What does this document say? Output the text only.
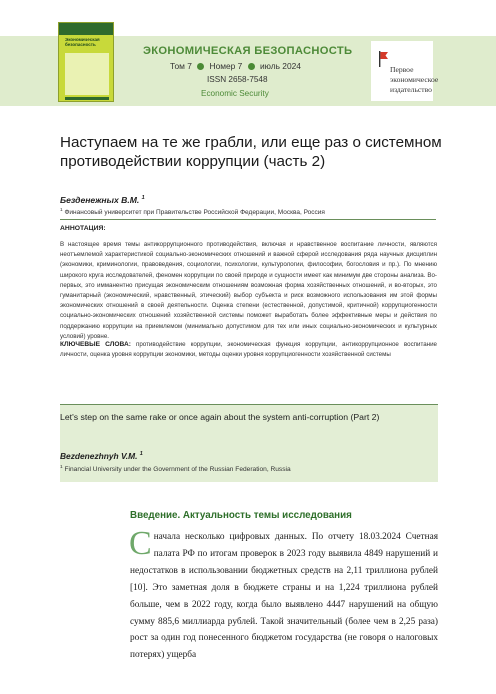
Экономическая безопасность
ЭКОНОМИЧЕСКАЯ БЕЗОПАСНОСТЬ
Том 7 Номер 7 июль 2024
ISSN 2658-7548
Economic Security
Первое экономическое издательство
Наступаем на те же грабли, или еще раз о системном противодействии коррупции (часть 2)
Безденежных В.М. $^1$
$^1$ Финансовый университет при Правительстве Российской Федерации, Москва, Россия
АННОТАЦИЯ:
В настоящее время темы антикоррупционного противодействия, включая и нравственное воспитание личности, являются неотъемлемой характеристикой социально-экономических отношений и важной сферой исследования ряда научных дисциплин (экономики, криминологии, правоведения, социологии, психологии, культурологии, философии, богословия и пр.). По мнению широкого круга исследователей, феномен коррупции по своей природе и сущности имеет как минимум две стороны анализа. Во-первых, это имманентно присущая экономическим отношениям возможная форма хозяйственных отношений, и во-вторых, это гуманитарный (экономический, нравственный, этический) выбор субъекта и риск возможного использования им этой формы экономических отношений в своей деятельности. Оценка степени (естественной, допустимой, критичной) коррупциогенности социально-экономических отношений хозяйственной системы поможет выработать более эффективные меры и действия по поддержанию коррупции на приемлемом (минимально допустимом для тех или иных социально-экономических и культурных условий) уровне.
КЛЮЧЕВЫЕ СЛОВА: противодействие коррупции, экономическая функция коррупции, антикоррупционное воспитание личности, оценка уровня коррупции экономики, методы оценки уровня коррупциогенности хозяйственной системы
Let's step on the same rake or once again about the system anti-corruption (Part 2)
Bezdenezhnyh V.M. $^1$
$^1$ Financial University under the Government of the Russian Federation, Russia
Введение. Актуальность темы исследования
Сначала несколько цифровых данных. По отчету 18.03.2024 Счетная палата РФ по итогам проверок в 2023 году выявила 4849 нарушений и недостатков в использовании бюджетных средств на 2,11 триллиона рублей [10]. Это заметная доля в бюджете страны и на 1,224 триллиона рублей больше, чем в 2022 году, когда было выявлено 4447 нарушений на общую сумму 885,6 миллиарда рублей. Такой значительный (более чем в 2,25 раза) рост за один год понесенного бюджетом государства (не говоря о налоговых потерях) ущерба
